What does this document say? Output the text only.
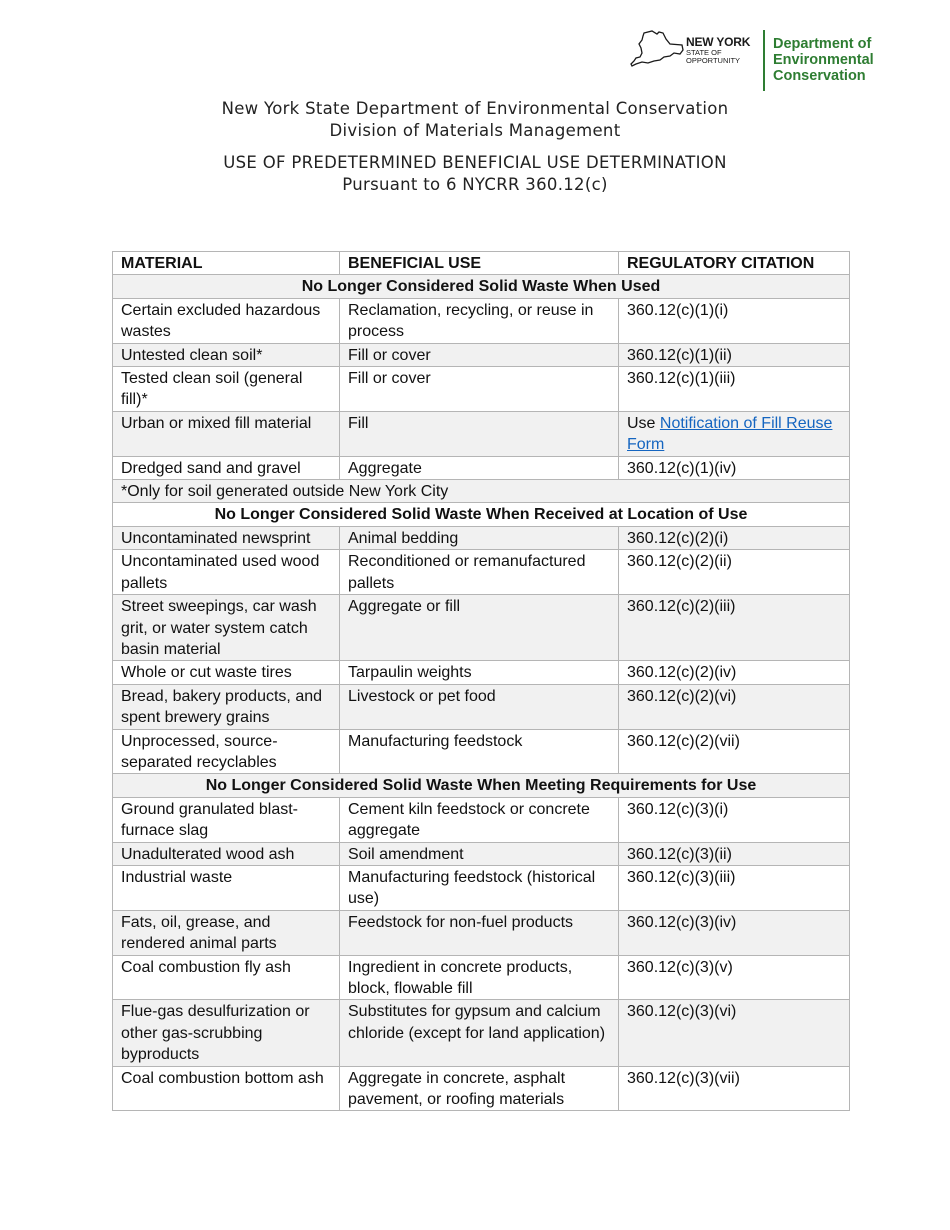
NEW YORK
STATE OF
OPPORTUNITY
Department of
Environmental
Conservation
New York State Department of Environmental Conservation
Division of Materials Management
USE OF PREDETERMINED BENEFICIAL USE DETERMINATION
Pursuant to 6 NYCRR 360.12(c)
MATERIAL	BENEFICIAL USE	REGULATORY CITATION
No Longer Considered Solid Waste When Used		
Certain excluded hazardous wastes	Reclamation, recycling, or reuse in process	360.12(c)(1)(i)
Untested clean soil*	Fill or cover	360.12(c)(1)(ii)
Tested clean soil (general fill)*	Fill or cover	360.12(c)(1)(iii)
Urban or mixed fill material	Fill	Use Notification of Fill Reuse Form
Dredged sand and gravel	Aggregate	360.12(c)(1)(iv)
*Only for soil generated outside New York City		
No Longer Considered Solid Waste When Received at Location of Use		
Uncontaminated newsprint	Animal bedding	360.12(c)(2)(i)
Uncontaminated used wood pallets	Reconditioned or remanufactured pallets	360.12(c)(2)(ii)
Street sweepings, car wash grit, or water system catch basin material	Aggregate or fill	360.12(c)(2)(iii)
Whole or cut waste tires	Tarpaulin weights	360.12(c)(2)(iv)
Bread, bakery products, and spent brewery grains	Livestock or pet food	360.12(c)(2)(vi)
Unprocessed, source-separated recyclables	Manufacturing feedstock	360.12(c)(2)(vii)
No Longer Considered Solid Waste When Meeting Requirements for Use		
Ground granulated blast-furnace slag	Cement kiln feedstock or concrete aggregate	360.12(c)(3)(i)
Unadulterated wood ash	Soil amendment	360.12(c)(3)(ii)
Industrial waste	Manufacturing feedstock (historical use)	360.12(c)(3)(iii)
Fats, oil, grease, and rendered animal parts	Feedstock for non-fuel products	360.12(c)(3)(iv)
Coal combustion fly ash	Ingredient in concrete products, block, flowable fill	360.12(c)(3)(v)
Flue-gas desulfurization or other gas-scrubbing byproducts	Substitutes for gypsum and calcium chloride (except for land application)	360.12(c)(3)(vi)
Coal combustion bottom ash	Aggregate in concrete, asphalt pavement, or roofing materials	360.12(c)(3)(vii)
